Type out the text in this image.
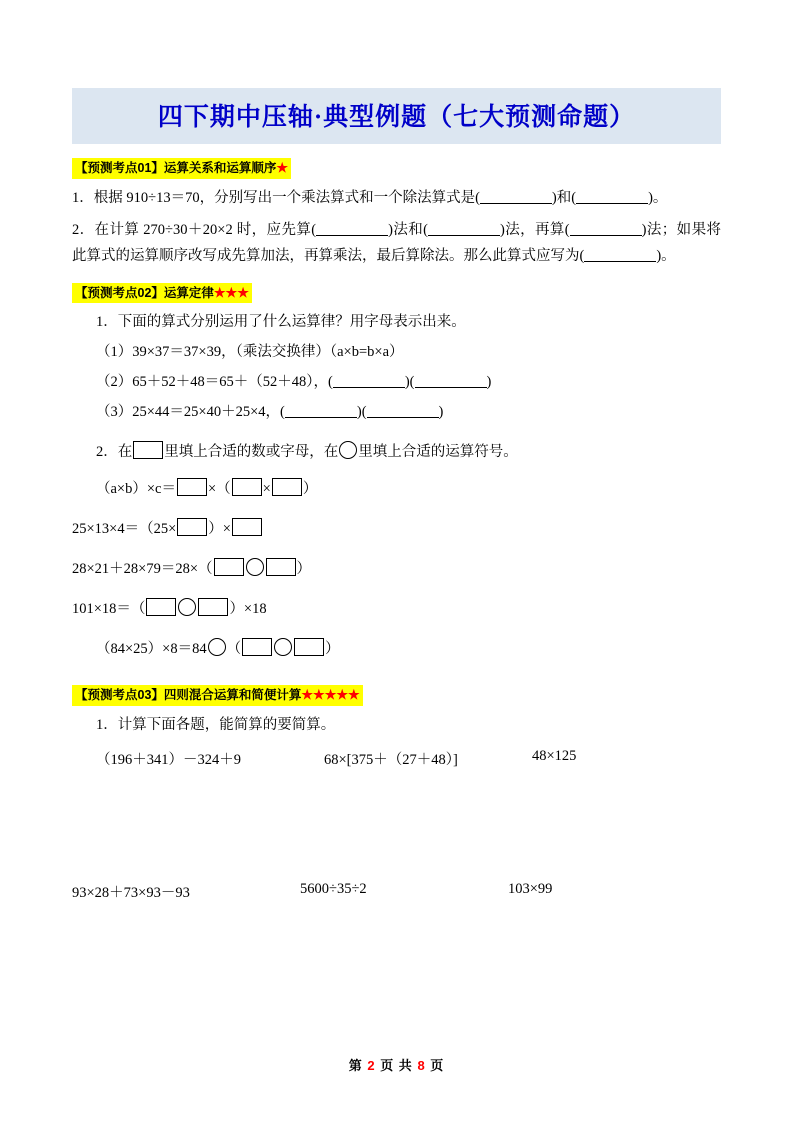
四下期中压轴·典型例题（七大预测命题）
【预测考点01】运算关系和运算顺序★
1．根据 910÷13＝70，分别写出一个乘法算式和一个除法算式是(	)和(	)。
2．在计算 270÷30＋20×2 时，应先算(	)法和(	)法，再算(	)法；如果将此算式的运算顺序改写成先算加法，再算乘法，最后算除法。那么此算式应写为(	)。
【预测考点02】运算定律★★★
1．下面的算式分别运用了什么运算律？用字母表示出来。
（1）39×37＝37×39，（乘法交换律）（a×b=b×a）
（2）65＋52＋48＝65＋（52＋48），(	)(	)
（3）25×44＝25×40＋25×4，(	)(	)
2．在 里填上合适的数或字母，在 里填上合适的运算符号。
（a×b）×c＝ ×（ × ）
25×13×4＝（25× ）×
28×21＋28×79＝28×（	）
101×18＝（	）×18
（84×25）×8＝84 （	）
【预测考点03】四则混合运算和简便计算★★★★★
1．计算下面各题，能简算的要简算。
（196＋341）－324＋9	68×[375＋（27＋48）]	48×125
93×28＋73×93－93	5600÷35÷2	103×99
第 2 页 共 8 页
